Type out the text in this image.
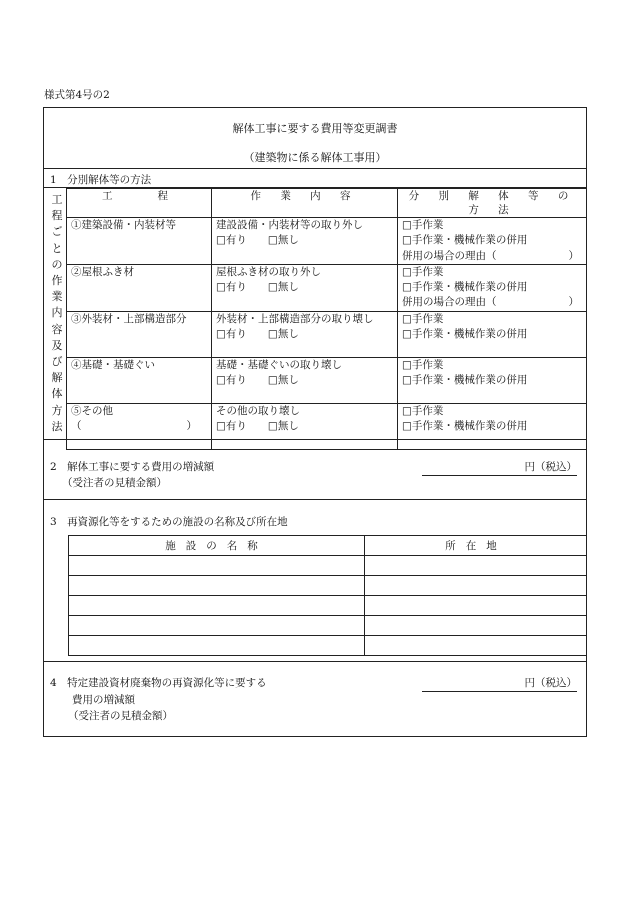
様式第4号の2
解体工事に要する費用等変更調書
（建築物に係る解体工事用）
1　分別解体等の方法
工
程
ご
と
の
作
業
内
容
及
び
解
体
方
法
工　　程	作 業 内 容	分 別 解 体 等 の 方 法

①建築設備・内装材等	建設設備・内装材等の取り外し
□有り　　□無し	□手作業
□手作業・機械作業の併用
併用の場合の理由（ ）

②屋根ふき材	屋根ふき材の取り外し
□有り　　□無し	□手作業
□手作業・機械作業の併用
併用の場合の理由（ ）

③外装材・上部構造部分	外装材・上部構造部分の取り壊し
□有り　　□無し	□手作業
□手作業・機械作業の併用

④基礎・基礎ぐい	基礎・基礎ぐいの取り壊し
□有り　　□無し	□手作業
□手作業・機械作業の併用

⑤その他
（　　　　　　　　　　）	その他の取り壊し
□有り　　□無し	□手作業
□手作業・機械作業の併用
2　解体工事に要する費用の増減額
（受注者の見積金額）
円（税込）
3　再資源化等をするための施設の名称及び所在地
施設の名称	所在地

4　特定建設資材廃棄物の再資源化等に要する
費用の増減額
（受注者の見積金額）
円（税込）
